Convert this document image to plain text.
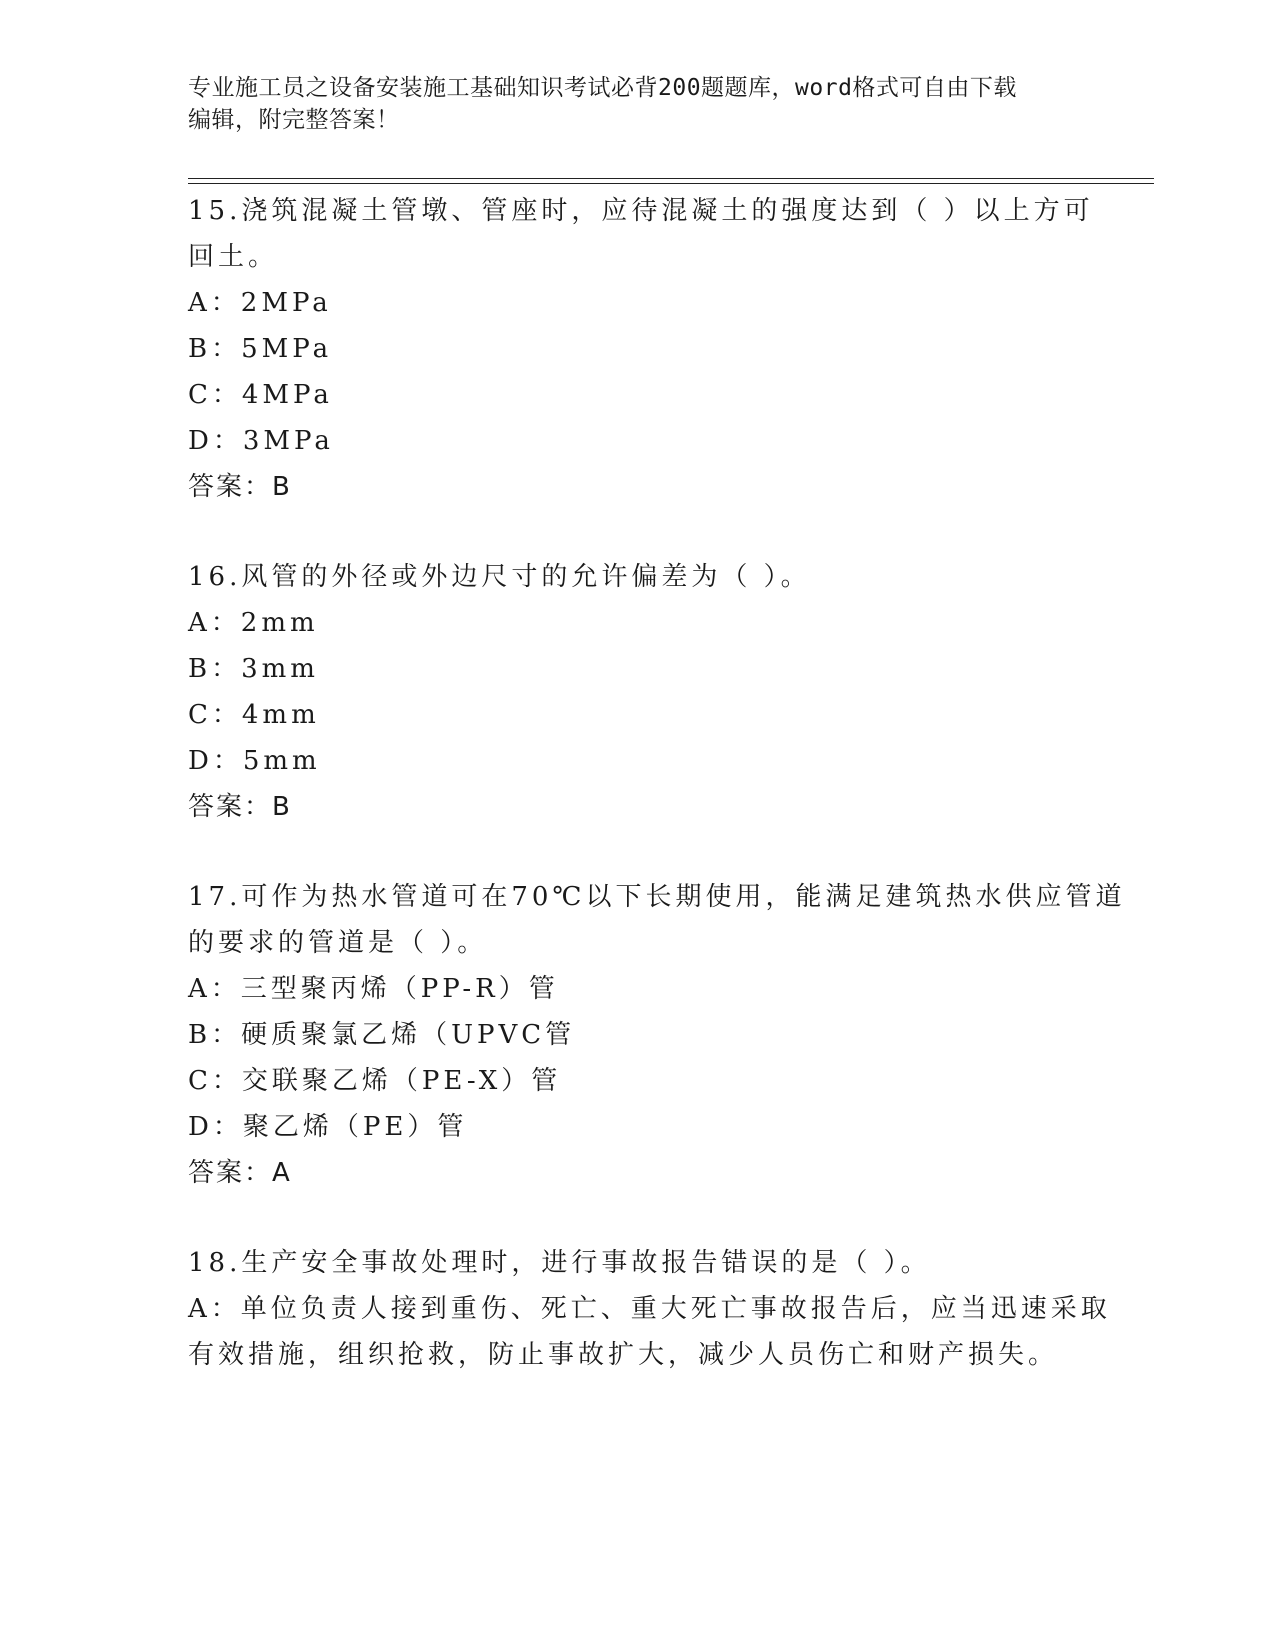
专业施工员之设备安装施工基础知识考试必背200题题库，word格式可自由下载
编辑，附完整答案！
15.浇筑混凝土管墩、管座时，应待混凝土的强度达到（ ）以上方可
回土。
A：2MPa
B：5MPa
C：4MPa
D：3MPa
答案：B
16.风管的外径或外边尺寸的允许偏差为（ ）。
A：2mm
B：3mm
C：4mm
D：5mm
答案：B
17.可作为热水管道可在70℃以下长期使用，能满足建筑热水供应管道
的要求的管道是（ ）。
A：三型聚丙烯（PP-R）管
B：硬质聚氯乙烯（UPVC管
C：交联聚乙烯（PE-X）管
D：聚乙烯（PE）管
答案：A
18.生产安全事故处理时，进行事故报告错误的是（ ）。
A：单位负责人接到重伤、死亡、重大死亡事故报告后，应当迅速采取
有效措施，组织抢救，防止事故扩大，减少人员伤亡和财产损失。
